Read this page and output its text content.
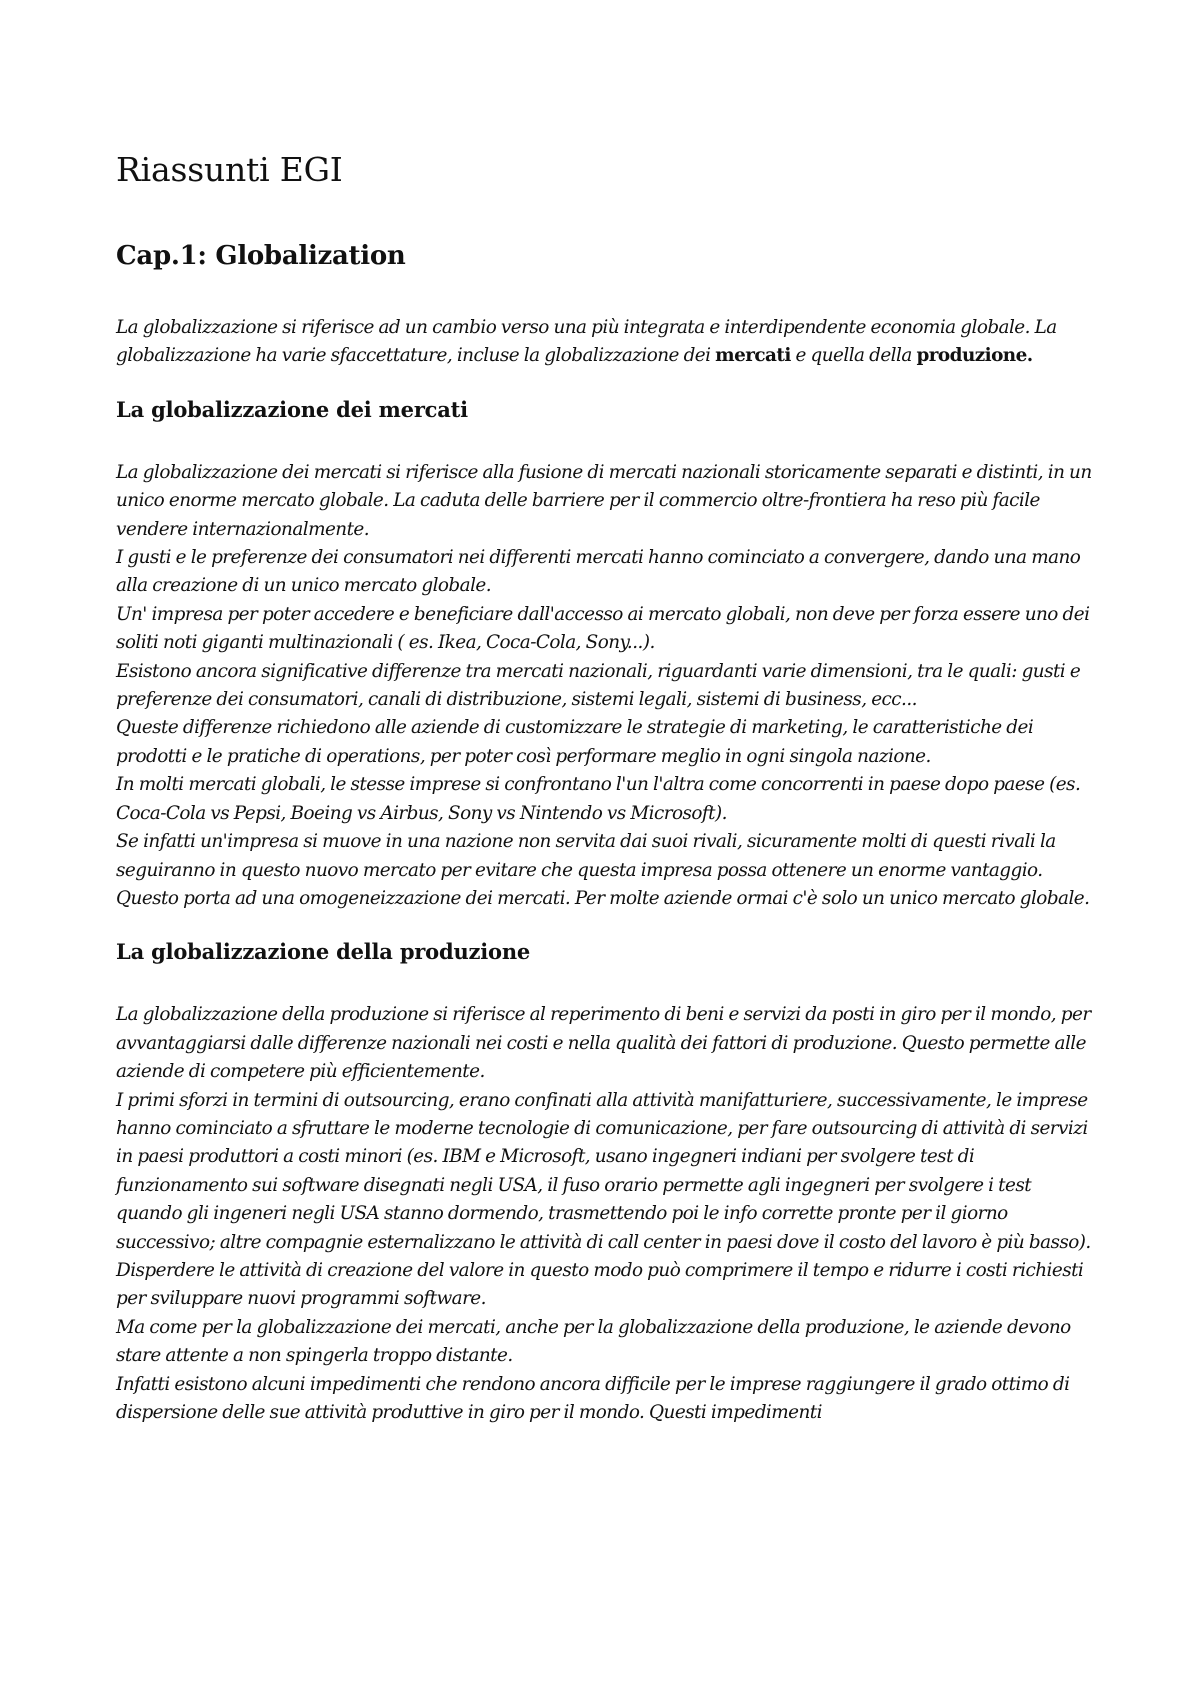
Riassunti EGI
Cap.1: Globalization

La globalizzazione si riferisce ad un cambio verso una più integrata e interdipendente economia globale. La globalizzazione ha varie sfaccettature, incluse la globalizzazione dei mercati e quella della produzione.

La globalizzazione dei mercati

La globalizzazione dei mercati si riferisce alla fusione di mercati nazionali storicamente separati e distinti, in un unico enorme mercato globale. La caduta delle barriere per il commercio oltre-frontiera ha reso più facile vendere internazionalmente.

I gusti e le preferenze dei consumatori nei differenti mercati hanno cominciato a convergere, dando una mano alla creazione di un unico mercato globale.

Un' impresa per poter accedere e beneficiare dall'accesso ai mercato globali, non deve per forza essere uno dei soliti noti giganti multinazionali ( es. Ikea, Coca-Cola, Sony...).

Esistono ancora significative differenze tra mercati nazionali, riguardanti varie dimensioni, tra le quali: gusti e preferenze dei consumatori, canali di distribuzione, sistemi legali, sistemi di business, ecc...

Queste differenze richiedono alle aziende di customizzare le strategie di marketing, le caratteristiche dei prodotti e le pratiche di operations, per poter così performare meglio in ogni singola nazione.

In molti mercati globali, le stesse imprese si confrontano l'un l'altra come concorrenti in paese dopo paese (es. Coca-Cola vs Pepsi, Boeing vs Airbus, Sony vs Nintendo vs Microsoft).

Se infatti un'impresa si muove in una nazione non servita dai suoi rivali, sicuramente molti di questi rivali la seguiranno in questo nuovo mercato per evitare che questa impresa possa ottenere un enorme vantaggio. Questo porta ad una omogeneizzazione dei mercati. Per molte aziende ormai c'è solo un unico mercato globale.

La globalizzazione della produzione

La globalizzazione della produzione si riferisce al reperimento di beni e servizi da posti in giro per il mondo, per avvantaggiarsi dalle differenze nazionali nei costi e nella qualità dei fattori di produzione. Questo permette alle aziende di competere più efficientemente.

I primi sforzi in termini di outsourcing, erano confinati alla attività manifatturiere, successivamente, le imprese hanno cominciato a sfruttare le moderne tecnologie di comunicazione, per fare outsourcing di attività di servizi in paesi produttori a costi minori (es. IBM e Microsoft, usano ingegneri indiani per svolgere test di funzionamento sui software disegnati negli USA, il fuso orario permette agli ingegneri per svolgere i test quando gli ingeneri negli USA stanno dormendo, trasmettendo poi le info corrette pronte per il giorno successivo; altre compagnie esternalizzano le attività di call center in paesi dove il costo del lavoro è più basso). Disperdere le attività di creazione del valore in questo modo può comprimere il tempo e ridurre i costi richiesti per sviluppare nuovi programmi software.

Ma come per la globalizzazione dei mercati, anche per la globalizzazione della produzione, le aziende devono stare attente a non spingerla troppo distante.

Infatti esistono alcuni impedimenti che rendono ancora difficile per le imprese raggiungere il grado ottimo di dispersione delle sue attività produttive in giro per il mondo. Questi impedimenti
